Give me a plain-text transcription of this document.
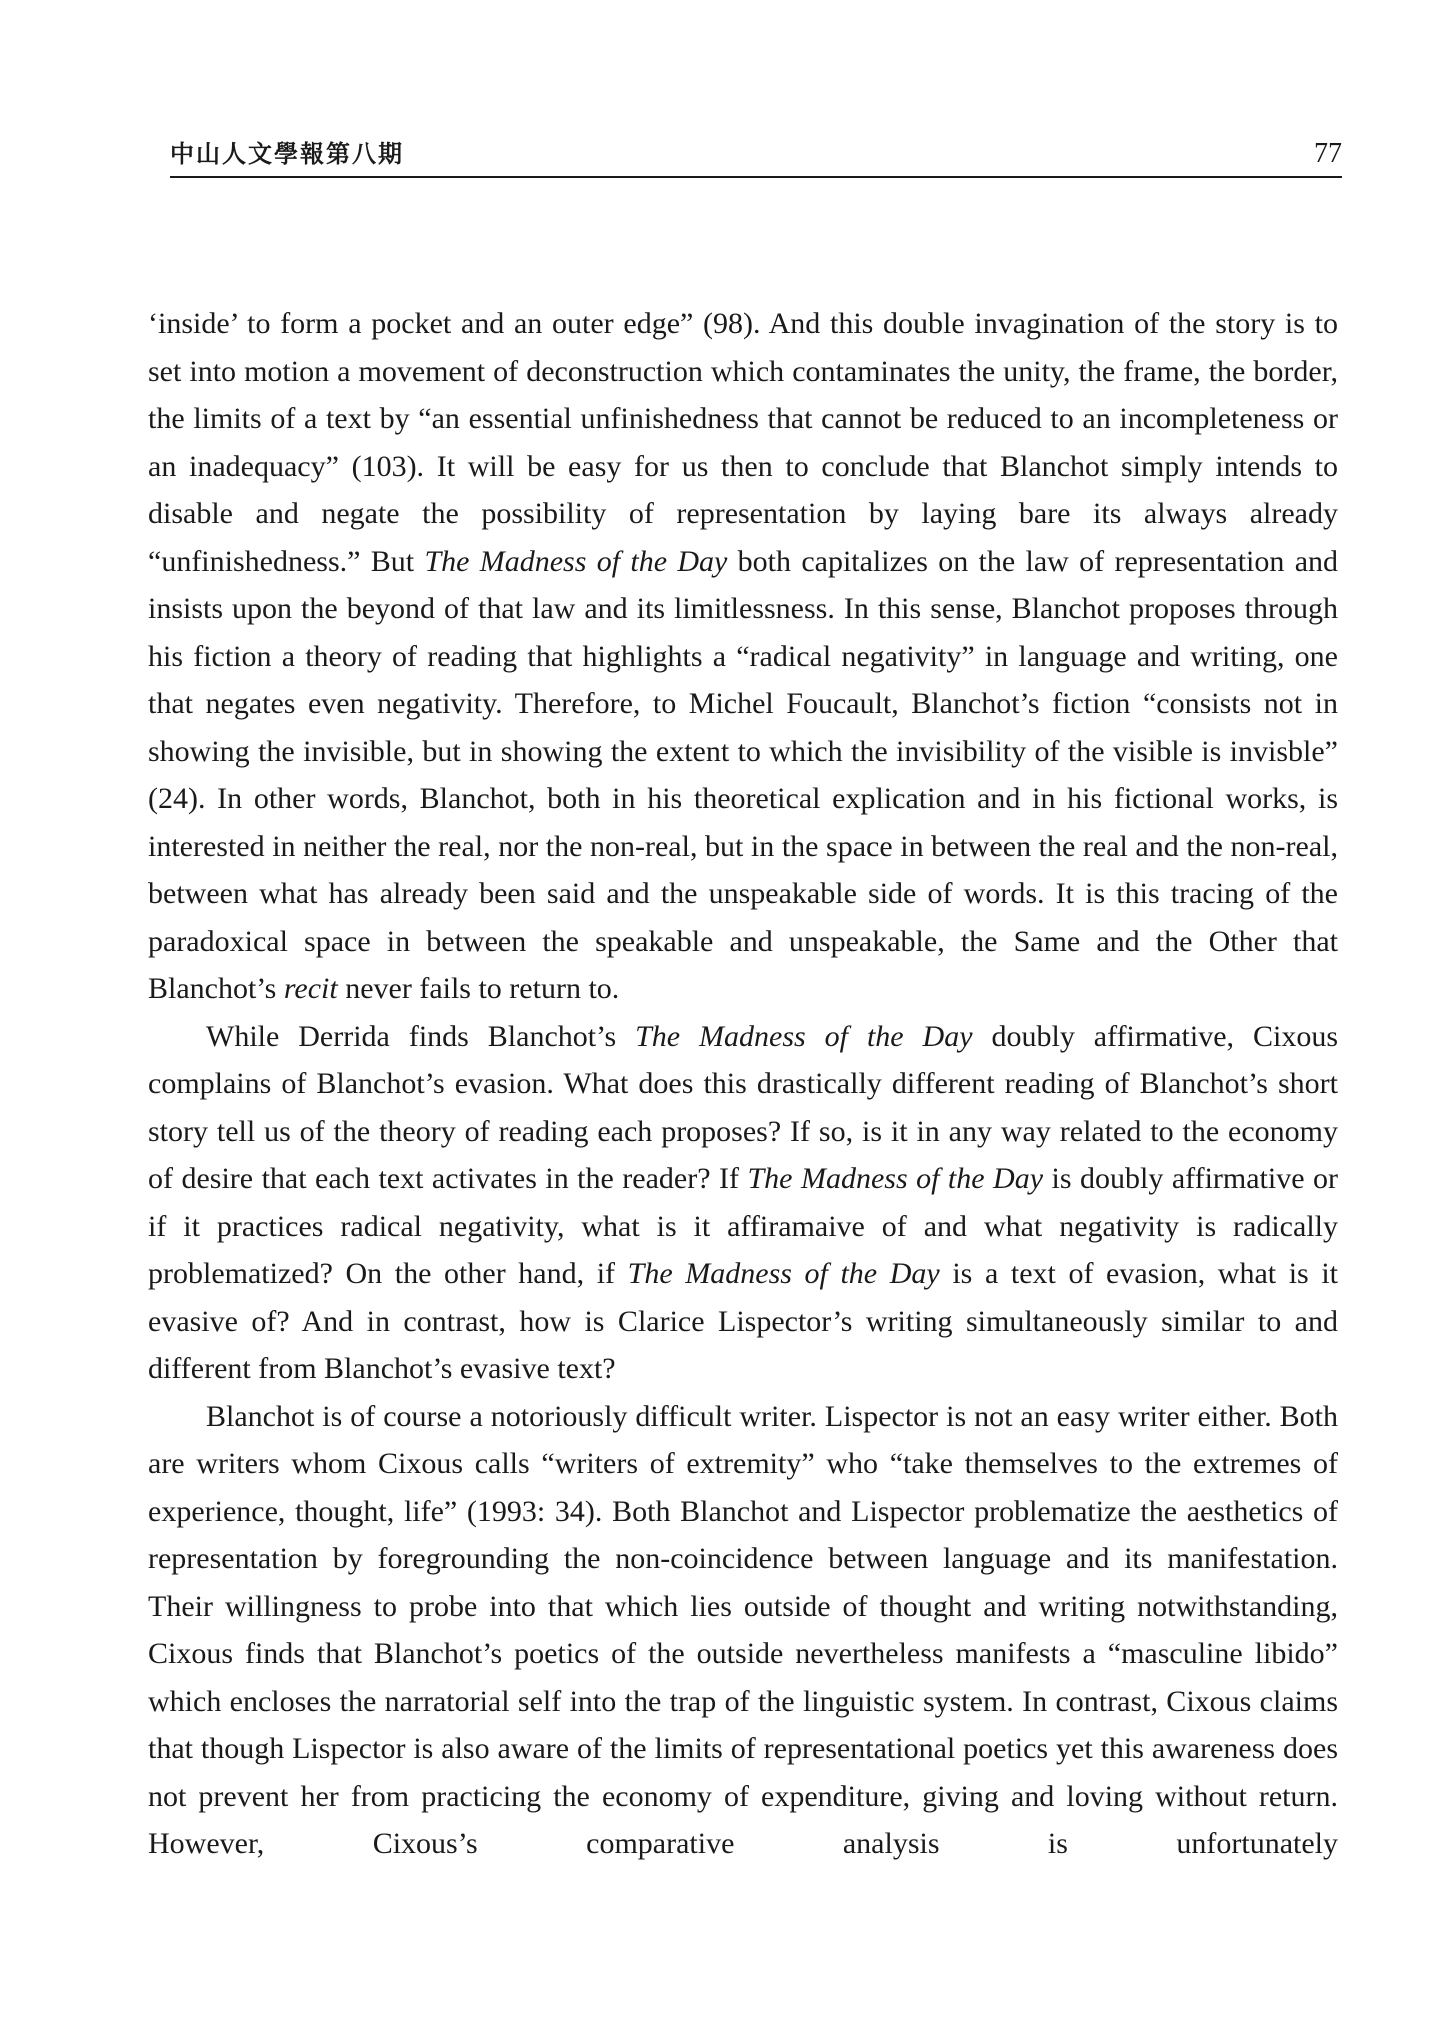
中山人文學報第八期	77

‘inside’ to form a pocket and an outer edge” (98). And this double invagination of the story is to set into motion a movement of deconstruction which contaminates the unity, the frame, the border, the limits of a text by “an essential unfinishedness that cannot be reduced to an incompleteness or an inadequacy” (103). It will be easy for us then to conclude that Blanchot simply intends to disable and negate the possibility of representation by laying bare its always already “unfinishedness.” But The Madness of the Day both capitalizes on the law of representation and insists upon the beyond of that law and its limitlessness. In this sense, Blanchot proposes through his fiction a theory of reading that highlights a “radical negativity” in language and writing, one that negates even negativity. Therefore, to Michel Foucault, Blanchot’s fiction “consists not in showing the invisible, but in showing the extent to which the invisibility of the visible is invisble” (24). In other words, Blanchot, both in his theoretical explication and in his fictional works, is interested in neither the real, nor the non-real, but in the space in between the real and the non-real, between what has already been said and the unspeakable side of words. It is this tracing of the paradoxical space in between the speakable and unspeakable, the Same and the Other that Blanchot’s recit never fails to return to.

While Derrida finds Blanchot’s The Madness of the Day doubly affirmative, Cixous complains of Blanchot’s evasion. What does this drastically different reading of Blanchot’s short story tell us of the theory of reading each proposes? If so, is it in any way related to the economy of desire that each text activates in the reader? If The Madness of the Day is doubly affirmative or if it practices radical negativity, what is it affiramaive of and what negativity is radically problematized? On the other hand, if The Madness of the Day is a text of evasion, what is it evasive of? And in contrast, how is Clarice Lispector’s writing simultaneously similar to and different from Blanchot’s evasive text?

Blanchot is of course a notoriously difficult writer. Lispector is not an easy writer either. Both are writers whom Cixous calls “writers of extremity” who “take themselves to the extremes of experience, thought, life” (1993: 34). Both Blanchot and Lispector problematize the aesthetics of representation by foregrounding the non-coincidence between language and its manifestation. Their willingness to probe into that which lies outside of thought and writing notwithstanding, Cixous finds that Blanchot’s poetics of the outside nevertheless manifests a “masculine libido” which encloses the narratorial self into the trap of the linguistic system. In contrast, Cixous claims that though Lispector is also aware of the limits of representational poetics yet this awareness does not prevent her from practicing the economy of expenditure, giving and loving without return. However, Cixous’s comparative analysis is unfortunately
